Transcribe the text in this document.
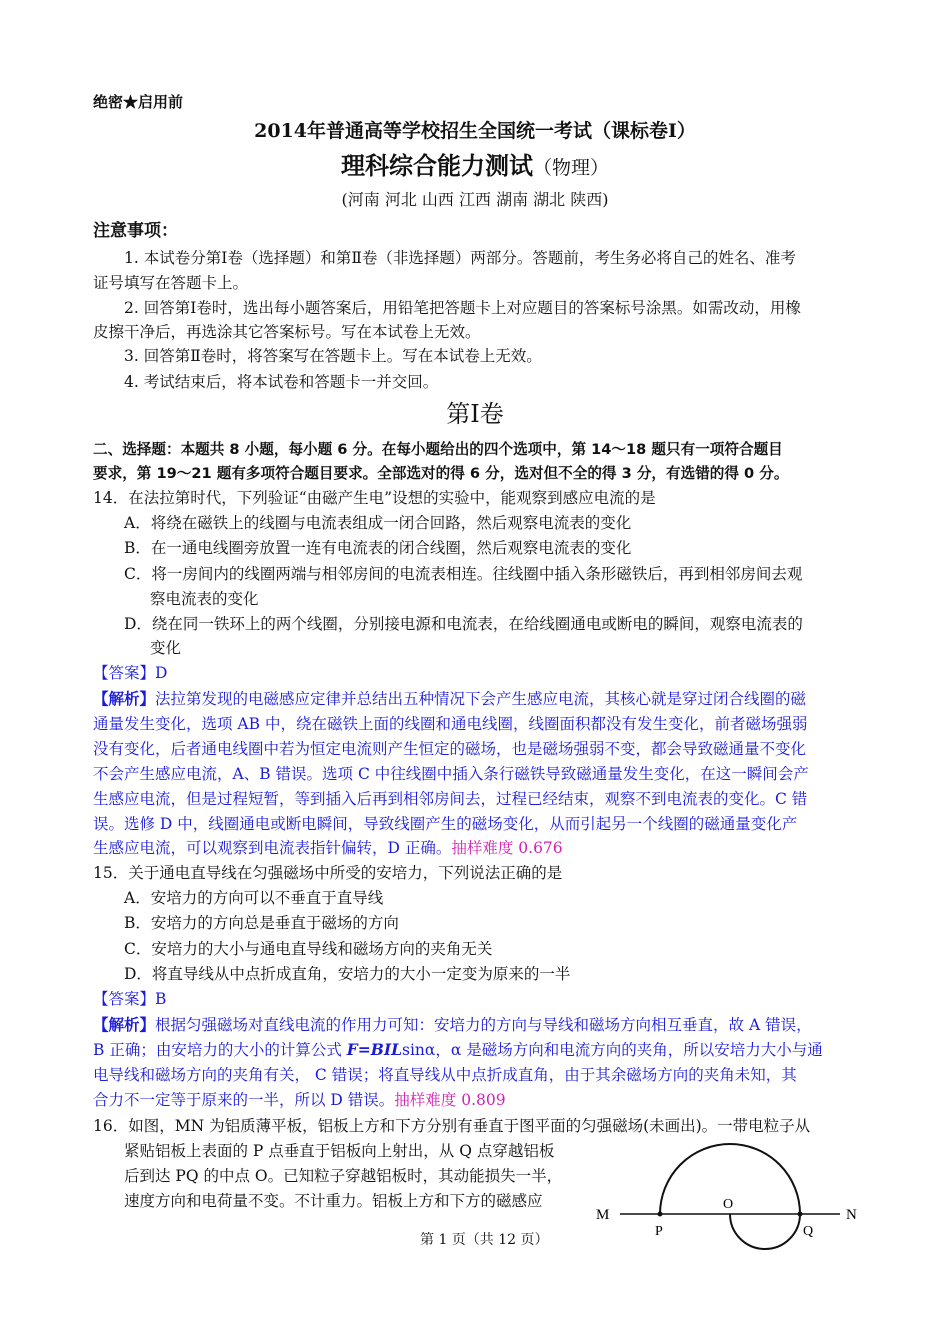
绝密★启用前
2014年普通高等学校招生全国统一考试（课标卷Ⅰ）
理科综合能力测试（物理）
(河南 河北 山西 江西 湖南 湖北 陕西)
注意事项：
1. 本试卷分第Ⅰ卷（选择题）和第Ⅱ卷（非选择题）两部分。答题前，考生务必将自己的姓名、准考
证号填写在答题卡上。
2. 回答第Ⅰ卷时，选出每小题答案后，用铅笔把答题卡上对应题目的答案标号涂黑。如需改动，用橡
皮擦干净后，再选涂其它答案标号。写在本试卷上无效。
3. 回答第Ⅱ卷时，将答案写在答题卡上。写在本试卷上无效。
4. 考试结束后，将本试卷和答题卡一并交回。
第Ⅰ卷
二、选择题：本题共 8 小题，每小题 6 分。在每小题给出的四个选项中，第 14～18 题只有一项符合题目
要求，第 19～21 题有多项符合题目要求。全部选对的得 6 分，选对但不全的得 3 分，有选错的得 0 分。
14．在法拉第时代，下列验证“由磁产生电”设想的实验中，能观察到感应电流的是
A．将绕在磁铁上的线圈与电流表组成一闭合回路，然后观察电流表的变化
B．在一通电线圈旁放置一连有电流表的闭合线圈，然后观察电流表的变化
C．将一房间内的线圈两端与相邻房间的电流表相连。往线圈中插入条形磁铁后，再到相邻房间去观
察电流表的变化
D．绕在同一铁环上的两个线圈，分别接电源和电流表，在给线圈通电或断电的瞬间，观察电流表的
变化
【答案】D
【解析】法拉第发现的电磁感应定律并总结出五种情况下会产生感应电流，其核心就是穿过闭合线圈的磁
通量发生变化，选项 AB 中，绕在磁铁上面的线圈和通电线圈，线圈面积都没有发生变化，前者磁场强弱
没有变化，后者通电线圈中若为恒定电流则产生恒定的磁场，也是磁场强弱不变，都会导致磁通量不变化
不会产生感应电流，A、B 错误。选项 C 中往线圈中插入条行磁铁导致磁通量发生变化，在这一瞬间会产
生感应电流，但是过程短暂，等到插入后再到相邻房间去，过程已经结束，观察不到电流表的变化。C 错
误。选修 D 中，线圈通电或断电瞬间，导致线圈产生的磁场变化，从而引起另一个线圈的磁通量变化产
生感应电流，可以观察到电流表指针偏转，D 正确。抽样难度 0.676
15．关于通电直导线在匀强磁场中所受的安培力，下列说法正确的是
A．安培力的方向可以不垂直于直导线
B．安培力的方向总是垂直于磁场的方向
C．安培力的大小与通电直导线和磁场方向的夹角无关
D．将直导线从中点折成直角，安培力的大小一定变为原来的一半
【答案】B
【解析】根据匀强磁场对直线电流的作用力可知：安培力的方向与导线和磁场方向相互垂直，故 A 错误，
B 正确；由安培力的大小的计算公式 F=BILsinα，α 是磁场方向和电流方向的夹角，所以安培力大小与通
电导线和磁场方向的夹角有关， C 错误；将直导线从中点折成直角，由于其余磁场方向的夹角未知，其
合力不一定等于原来的一半，所以 D 错误。抽样难度 0.809
16．如图，MN 为铝质薄平板，铝板上方和下方分别有垂直于图平面的匀强磁场(未画出)。一带电粒子从
紧贴铝板上表面的 P 点垂直于铝板向上射出，从 Q 点穿越铝板
后到达 PQ 的中点 O。已知粒子穿越铝板时，其动能损失一半，
速度方向和电荷量不变。不计重力。铝板上方和下方的磁感应
M
P
O
Q
N
第 1 页（共 12 页）
